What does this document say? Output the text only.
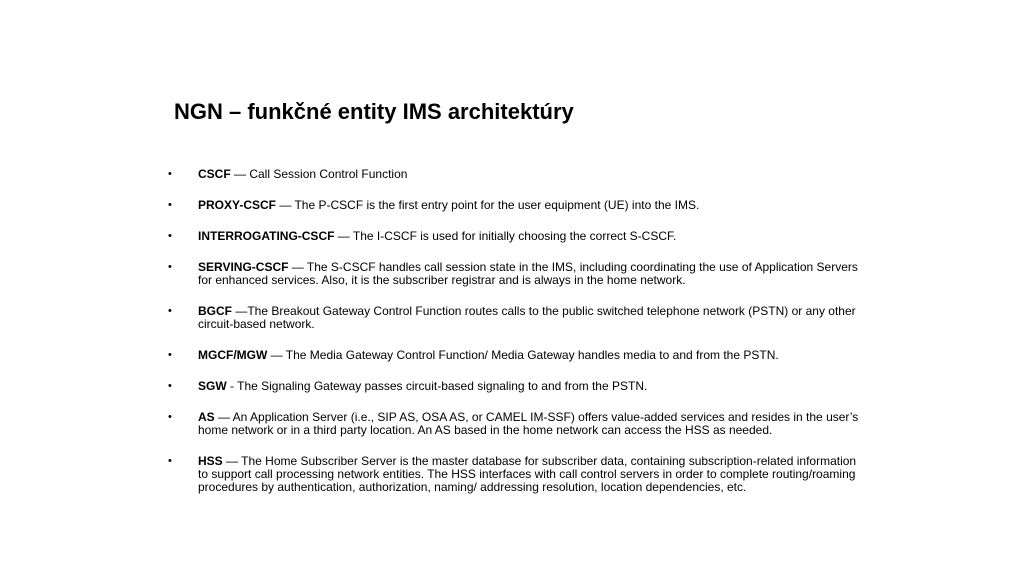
NGN – funkčné entity IMS architektúry
•	CSCF — Call Session Control Function
•	PROXY-CSCF — The P-CSCF is the first entry point for the user equipment (UE) into the IMS.
•	INTERROGATING-CSCF — The I-CSCF is used for initially choosing the correct S-CSCF.
•	SERVING-CSCF — The S-CSCF handles call session state in the IMS, including coordinating the use of Application Servers for enhanced services. Also, it is the subscriber registrar and is always in the home network.
•	BGCF —The Breakout Gateway Control Function routes calls to the public switched telephone network (PSTN) or any other circuit-based network.
•	MGCF/MGW — The Media Gateway Control Function/ Media Gateway handles media to and from the PSTN.
•	SGW - The Signaling Gateway passes circuit-based signaling to and from the PSTN.
•	AS — An Application Server (i.e., SIP AS, OSA AS, or CAMEL IM-SSF) offers value-added services and resides in the user’s home network or in a third party location. An AS based in the home network can access the HSS as needed.
•	HSS — The Home Subscriber Server is the master database for subscriber data, containing subscription-related information to support call processing network entities. The HSS interfaces with call control servers in order to complete routing/roaming procedures by authentication, authorization, naming/ addressing resolution, location dependencies, etc.
